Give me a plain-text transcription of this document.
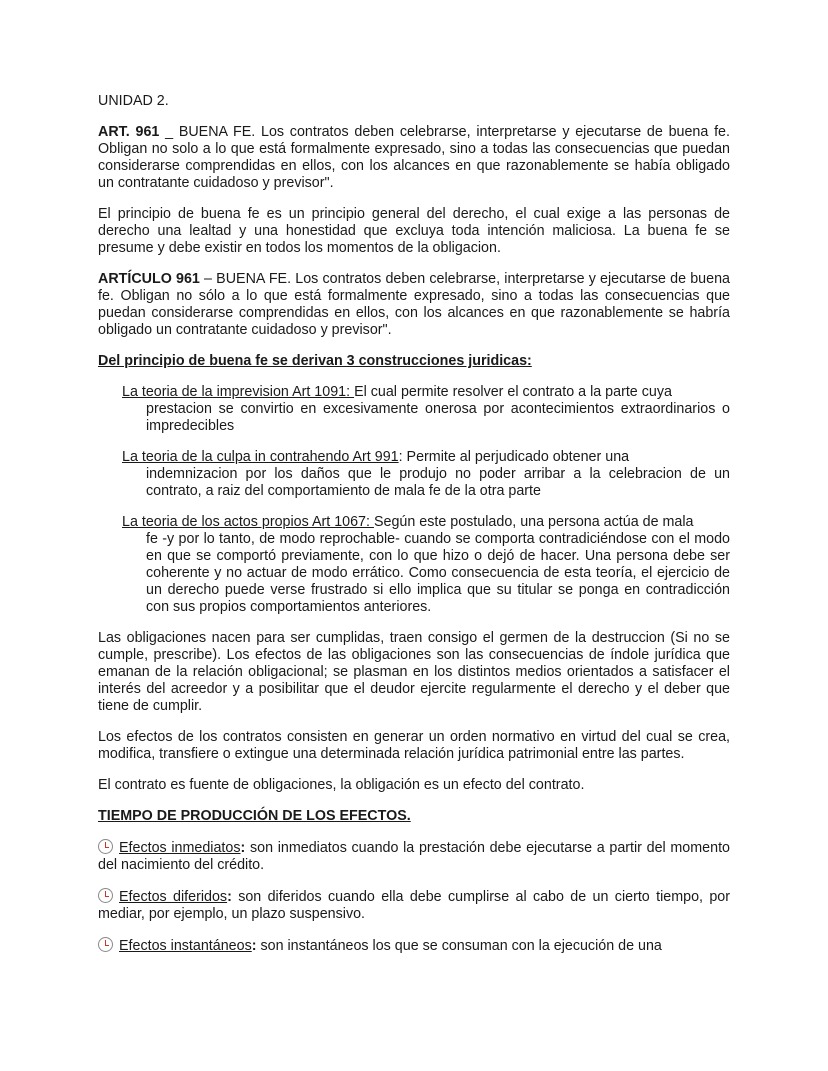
UNIDAD 2.

ART. 961 _ BUENA FE. Los contratos deben celebrarse, interpretarse y ejecutarse de buena fe. Obligan no solo a lo que está formalmente expresado, sino a todas las consecuencias que puedan considerarse comprendidas en ellos, con los alcances en que razonablemente se había obligado un contratante cuidadoso y previsor".

El principio de buena fe es un principio general del derecho, el cual exige a las personas de derecho una lealtad y una honestidad que excluya toda intención maliciosa. La buena fe se presume y debe existir en todos los momentos de la obligacion.

ARTÍCULO 961 – BUENA FE. Los contratos deben celebrarse, interpretarse y ejecutarse de buena fe. Obligan no sólo a lo que está formalmente expresado, sino a todas las consecuencias que puedan considerarse comprendidas en ellos, con los alcances en que razonablemente se habría obligado un contratante cuidadoso y previsor".

Del principio de buena fe se derivan 3 construcciones juridicas:

La teoria de la imprevision Art 1091: El cual permite resolver el contrato a la parte cuya

prestacion se convirtio en excesivamente onerosa por acontecimientos extraordinarios o impredecibles

La teoria de la culpa in contrahendo Art 991: Permite al perjudicado obtener una

indemnizacion por los daños que le produjo no poder arribar a la celebracion de un contrato, a raiz del comportamiento de mala fe de la otra parte

La teoria de los actos propios Art 1067: Según este postulado, una persona actúa de mala

fe -y por lo tanto, de modo reprochable- cuando se comporta contradiciéndose con el modo en que se comportó previamente, con lo que hizo o dejó de hacer. Una persona debe ser coherente y no actuar de modo errático. Como consecuencia de esta teoría, el ejercicio de un derecho puede verse frustrado si ello implica que su titular se ponga en contradicción con sus propios comportamientos anteriores.

Las obligaciones nacen para ser cumplidas, traen consigo el germen de la destruccion (Si no se cumple, prescribe). Los efectos de las obligaciones son las consecuencias de índole jurídica que emanan de la relación obligacional; se plasman en los distintos medios orientados a satisfacer el interés del acreedor y a posibilitar que el deudor ejercite regularmente el derecho y el deber que tiene de cumplir.

Los efectos de los contratos consisten en generar un orden normativo en virtud del cual se crea, modifica, transfiere o extingue una determinada relación jurídica patrimonial entre las partes.

El contrato es fuente de obligaciones, la obligación es un efecto del contrato.

TIEMPO DE PRODUCCIÓN DE LOS EFECTOS.

Efectos inmediatos: son inmediatos cuando la prestación debe ejecutarse a partir del momento del nacimiento del crédito.

Efectos diferidos: son diferidos cuando ella debe cumplirse al cabo de un cierto tiempo, por mediar, por ejemplo, un plazo suspensivo.

Efectos instantáneos: son instantáneos los que se consuman con la ejecución de una
